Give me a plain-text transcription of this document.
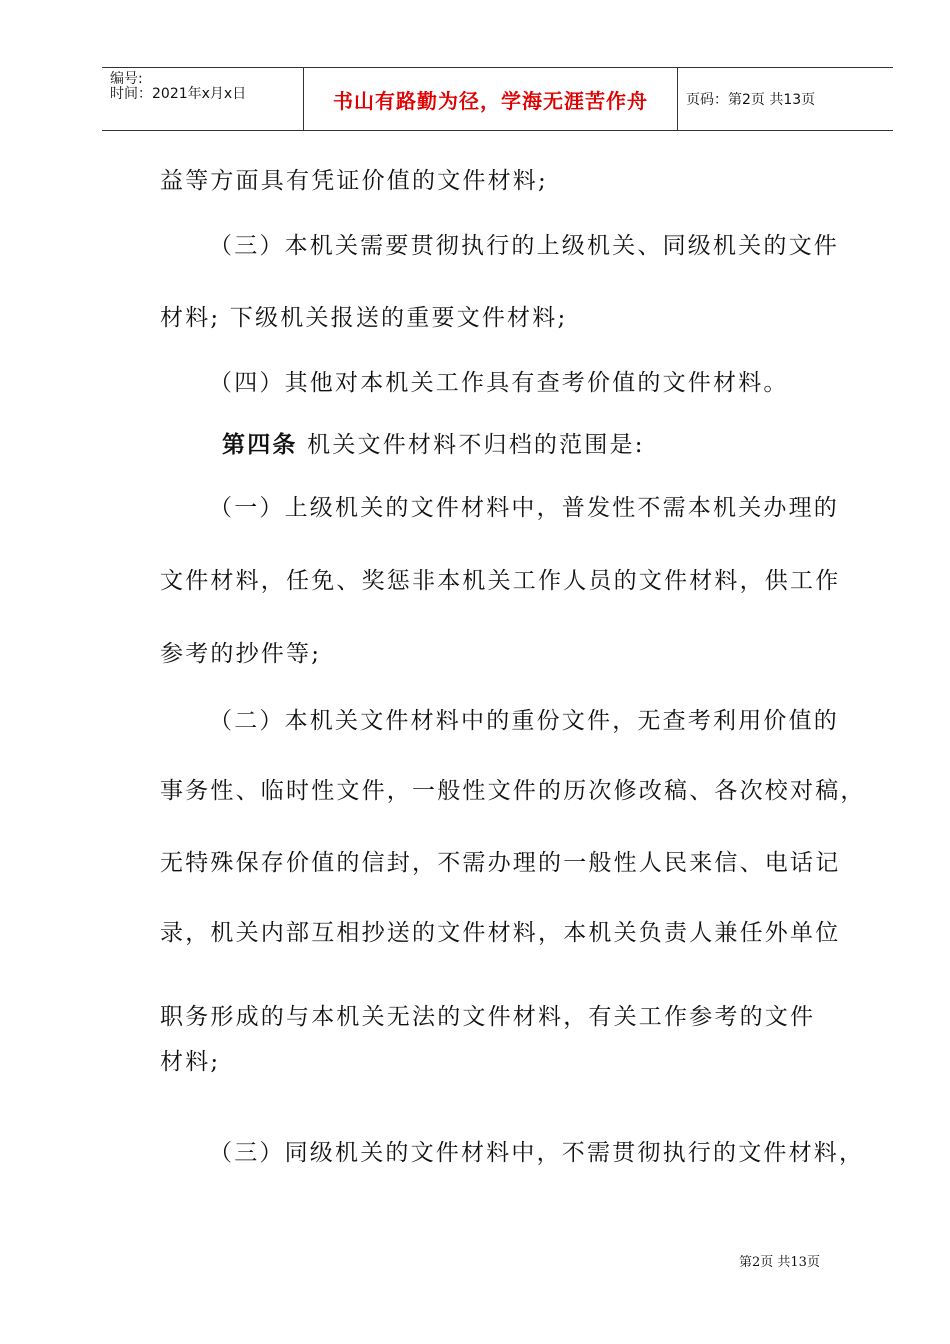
编号:
时间：2021年x月x日	书山有路勤为径，学海无涯苦作舟	页码：第2页 共13页
益等方面具有凭证价值的文件材料;
（三）本机关需要贯彻执行的上级机关、同级机关的文件
材料; 下级机关报送的重要文件材料;
（四）其他对本机关工作具有查考价值的文件材料。
第四条 机关文件材料不归档的范围是:
（一）上级机关的文件材料中，普发性不需本机关办理的
文件材料，任免、奖惩非本机关工作人员的文件材料，供工作
参考的抄件等;
（二）本机关文件材料中的重份文件，无查考利用价值的
事务性、临时性文件，一般性文件的历次修改稿、各次校对稿，
无特殊保存价值的信封，不需办理的一般性人民来信、电话记
录，机关内部互相抄送的文件材料，本机关负责人兼任外单位
职务形成的与本机关无法的文件材料，有关工作参考的文件
材料;
（三）同级机关的文件材料中，不需贯彻执行的文件材料，
第2页 共13页
